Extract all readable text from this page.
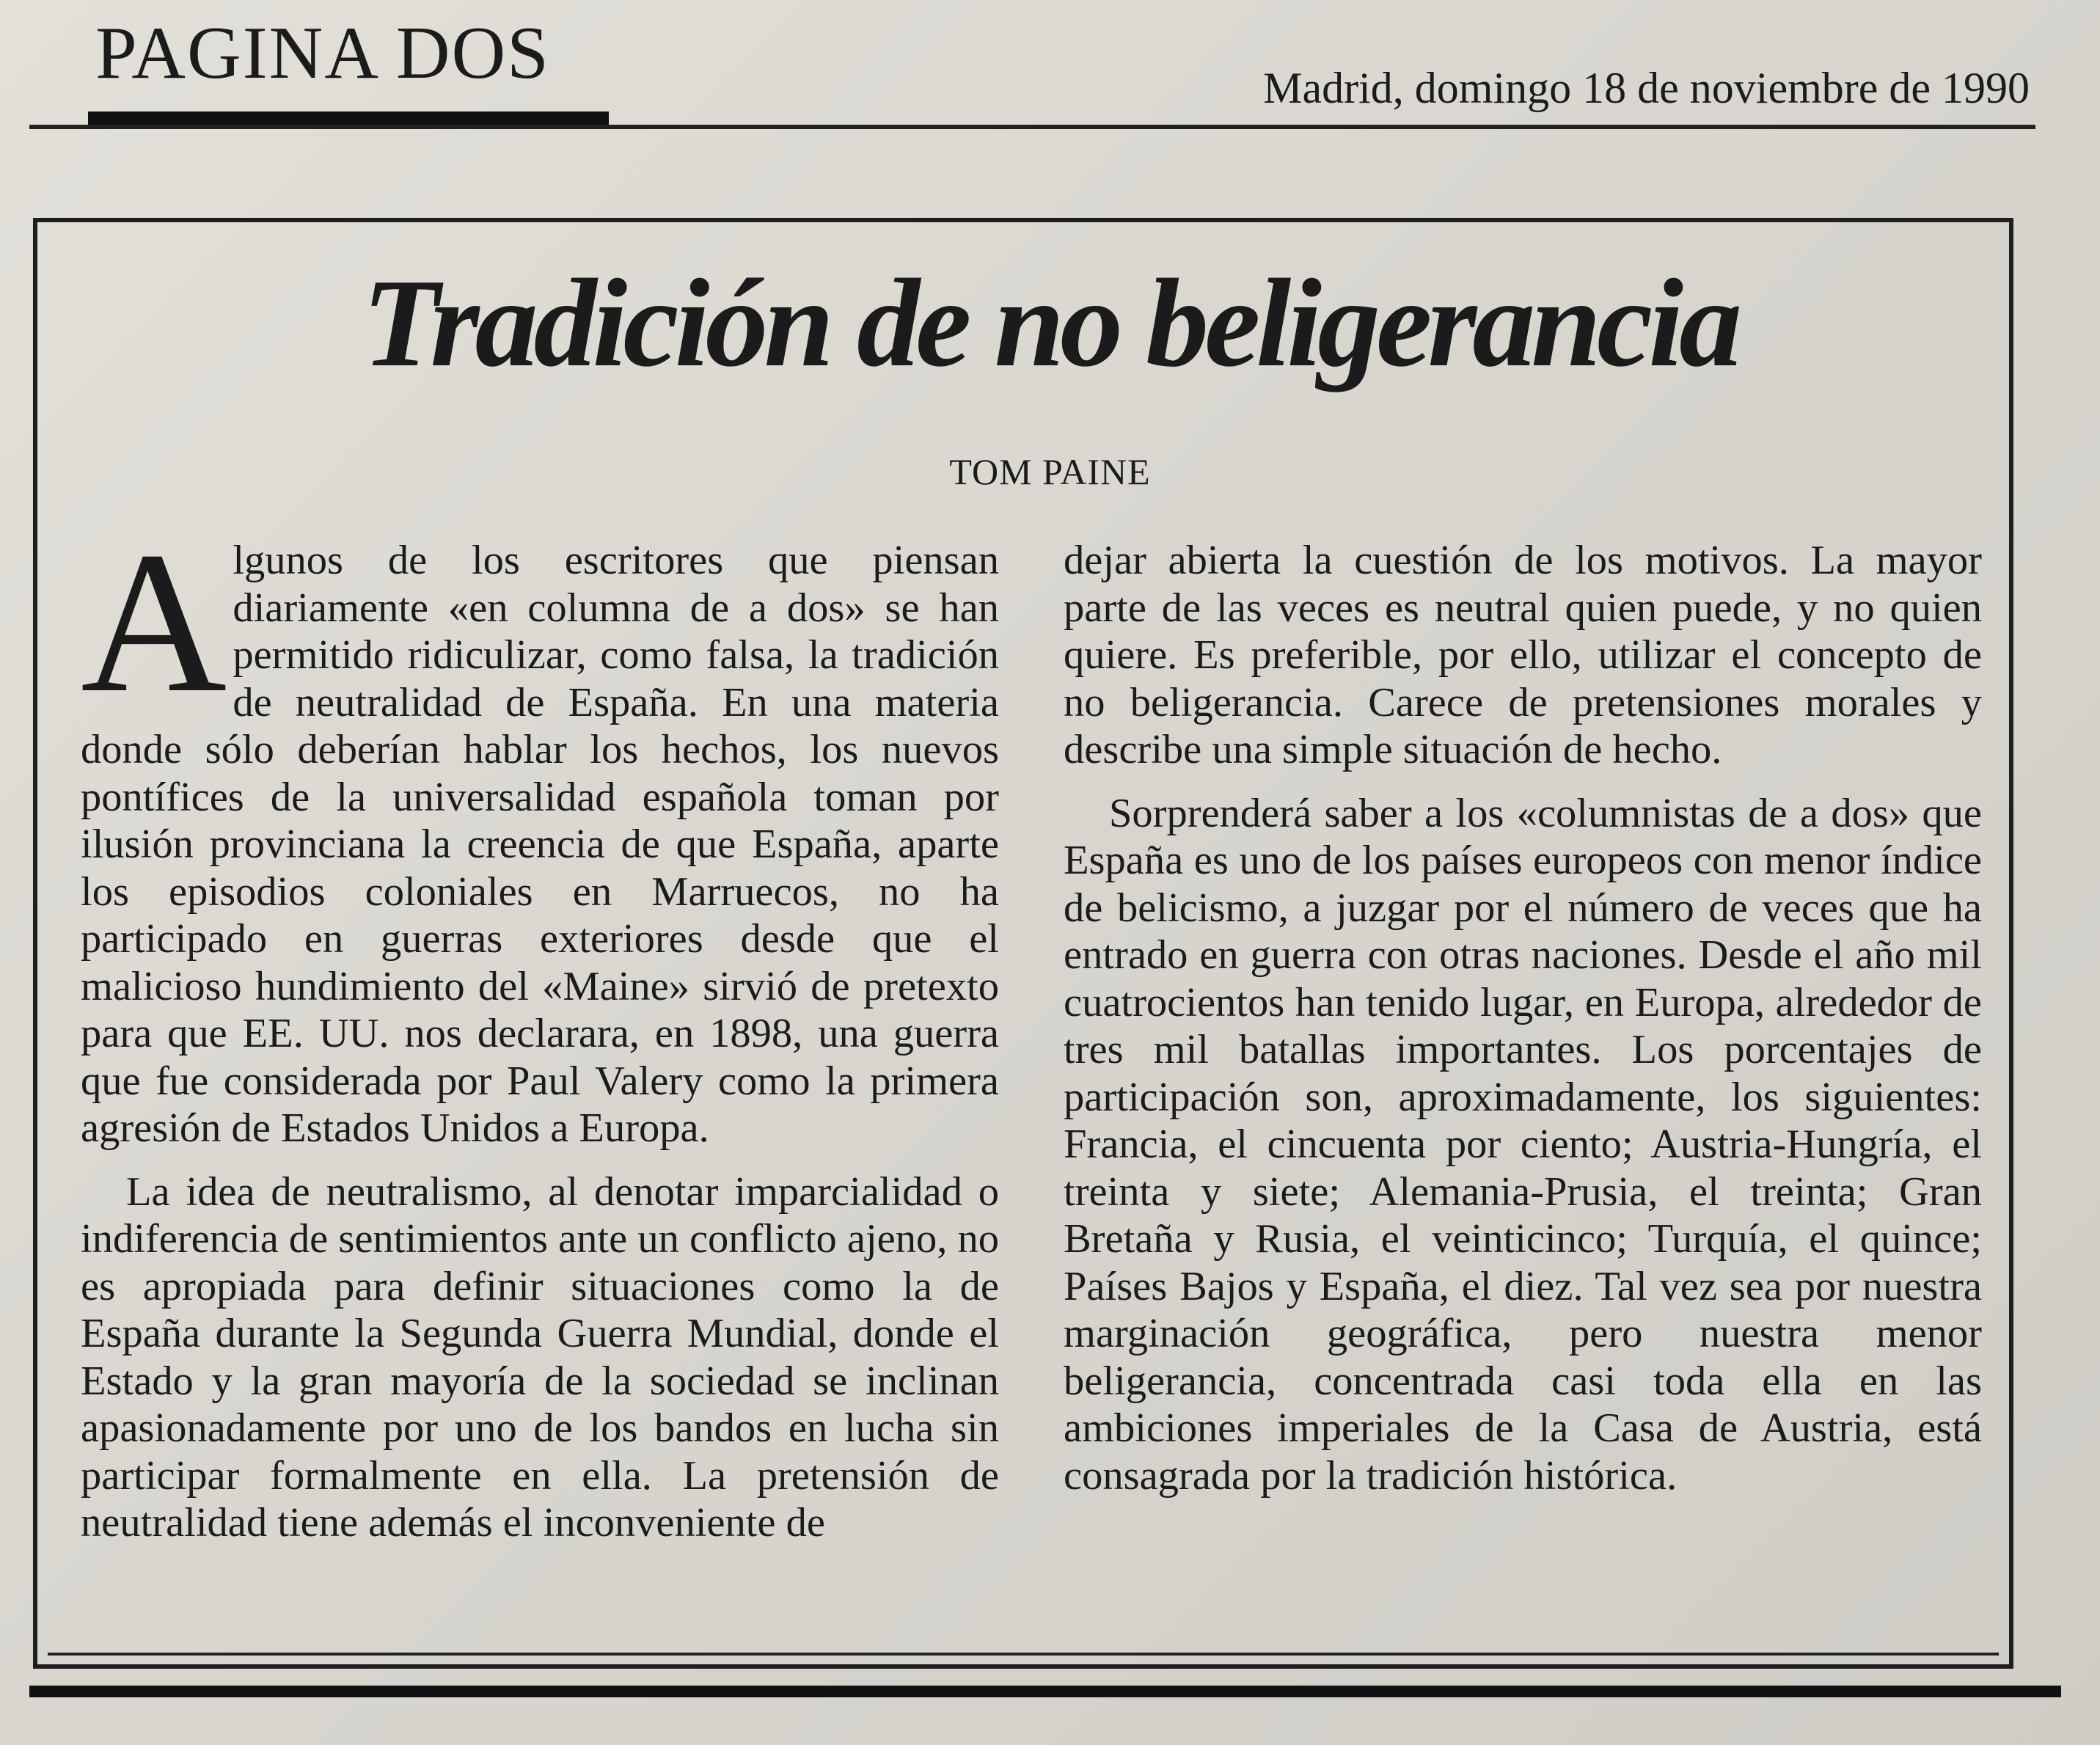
PAGINA DOS	Madrid, domingo 18 de noviembre de 1990
Tradición de no beligerancia
TOM PAINE

Algunos de los escritores que piensan diariamente «en columna de a dos» se han permitido ridiculizar, como falsa, la tradición de neutralidad de España. En una materia donde sólo deberían hablar los hechos, los nuevos pontífices de la universalidad española toman por ilusión provinciana la creencia de que España, aparte los episodios coloniales en Marruecos, no ha participado en guerras exteriores desde que el malicioso hundimiento del «Maine» sirvió de pretexto para que EE. UU. nos declarara, en 1898, una guerra que fue considerada por Paul Valery como la primera agresión de Estados Unidos a Europa.

La idea de neutralismo, al denotar imparcialidad o indiferencia de sentimientos ante un conflicto ajeno, no es apropiada para definir situaciones como la de España durante la Segunda Guerra Mundial, donde el Estado y la gran mayoría de la sociedad se inclinan apasionadamente por uno de los bandos en lucha sin participar formalmente en ella. La pretensión de neutralidad tiene además el inconveniente de

dejar abierta la cuestión de los motivos. La mayor parte de las veces es neutral quien puede, y no quien quiere. Es preferible, por ello, utilizar el concepto de no beligerancia. Carece de pretensiones morales y describe una simple situación de hecho.

Sorprenderá saber a los «columnistas de a dos» que España es uno de los países europeos con menor índice de belicismo, a juzgar por el número de veces que ha entrado en guerra con otras naciones. Desde el año mil cuatrocientos han tenido lugar, en Europa, alrededor de tres mil batallas importantes. Los porcentajes de participación son, aproximadamente, los siguientes: Francia, el cincuenta por ciento; Austria-Hungría, el treinta y siete; Alemania-Prusia, el treinta; Gran Bretaña y Rusia, el veinticinco; Turquía, el quince; Países Bajos y España, el diez. Tal vez sea por nuestra marginación geográfica, pero nuestra menor beligerancia, concentrada casi toda ella en las ambiciones imperiales de la Casa de Austria, está consagrada por la tradición histórica.
